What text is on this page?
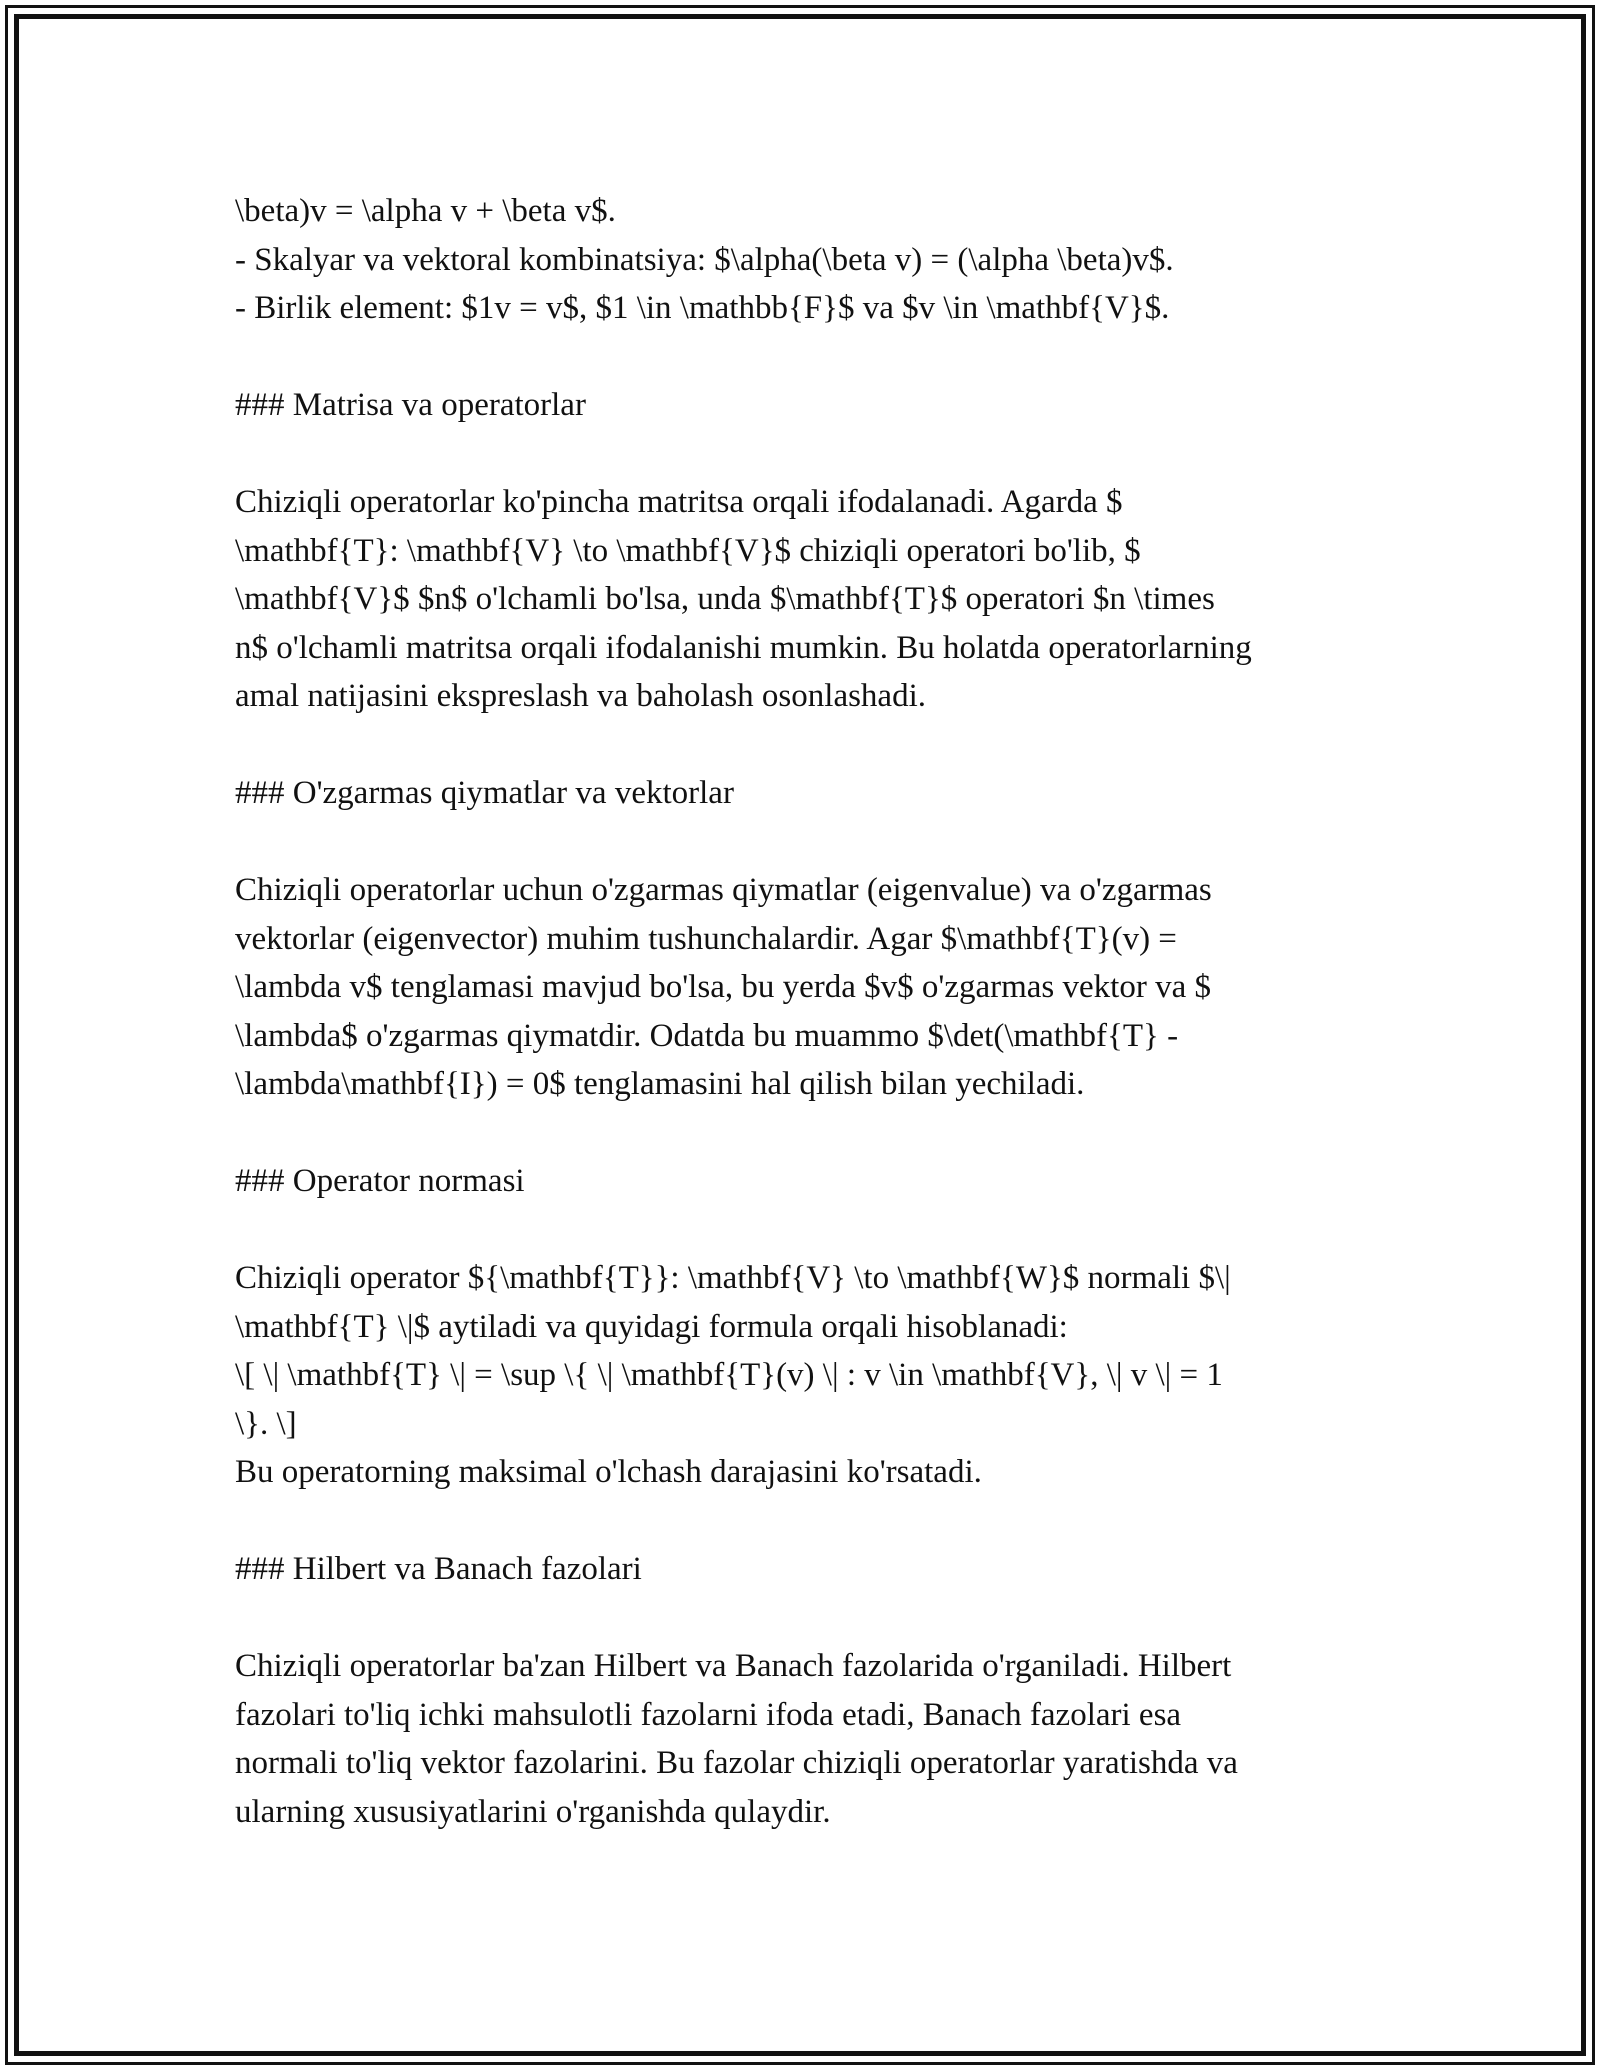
\beta)v = \alpha v + \beta v$.
- Skalyar va vektoral kombinatsiya: $\alpha(\beta v) = (\alpha \beta)v$.
- Birlik element: $1v = v$, $1 \in \mathbb{F}$ va $v \in \mathbf{V}$.
### Matrisa va operatorlar
Chiziqli operatorlar ko'pincha matritsa orqali ifodalanadi. Agarda $
\mathbf{T}: \mathbf{V} \to \mathbf{V}$ chiziqli operatori bo'lib, $
\mathbf{V}$ $n$ o'lchamli bo'lsa, unda $\mathbf{T}$ operatori $n \times
n$ o'lchamli matritsa orqali ifodalanishi mumkin. Bu holatda operatorlarning
amal natijasini ekspreslash va baholash osonlashadi.
### O'zgarmas qiymatlar va vektorlar
Chiziqli operatorlar uchun o'zgarmas qiymatlar (eigenvalue) va o'zgarmas
vektorlar (eigenvector) muhim tushunchalardir. Agar $\mathbf{T}(v) =
\lambda v$ tenglamasi mavjud bo'lsa, bu yerda $v$ o'zgarmas vektor va $
\lambda$ o'zgarmas qiymatdir. Odatda bu muammo $\det(\mathbf{T} -
\lambda\mathbf{I}) = 0$ tenglamasini hal qilish bilan yechiladi.
### Operator normasi
Chiziqli operator ${\mathbf{T}}: \mathbf{V} \to \mathbf{W}$ normali $\|
\mathbf{T} \|$ aytiladi va quyidagi formula orqali hisoblanadi:
\[ \| \mathbf{T} \| = \sup \{ \| \mathbf{T}(v) \| : v \in \mathbf{V}, \| v \| = 1
\}. \]
Bu operatorning maksimal o'lchash darajasini ko'rsatadi.
### Hilbert va Banach fazolari
Chiziqli operatorlar ba'zan Hilbert va Banach fazolarida o'rganiladi. Hilbert
fazolari to'liq ichki mahsulotli fazolarni ifoda etadi, Banach fazolari esa
normali to'liq vektor fazolarini. Bu fazolar chiziqli operatorlar yaratishda va
ularning xususiyatlarini o'rganishda qulaydir.
